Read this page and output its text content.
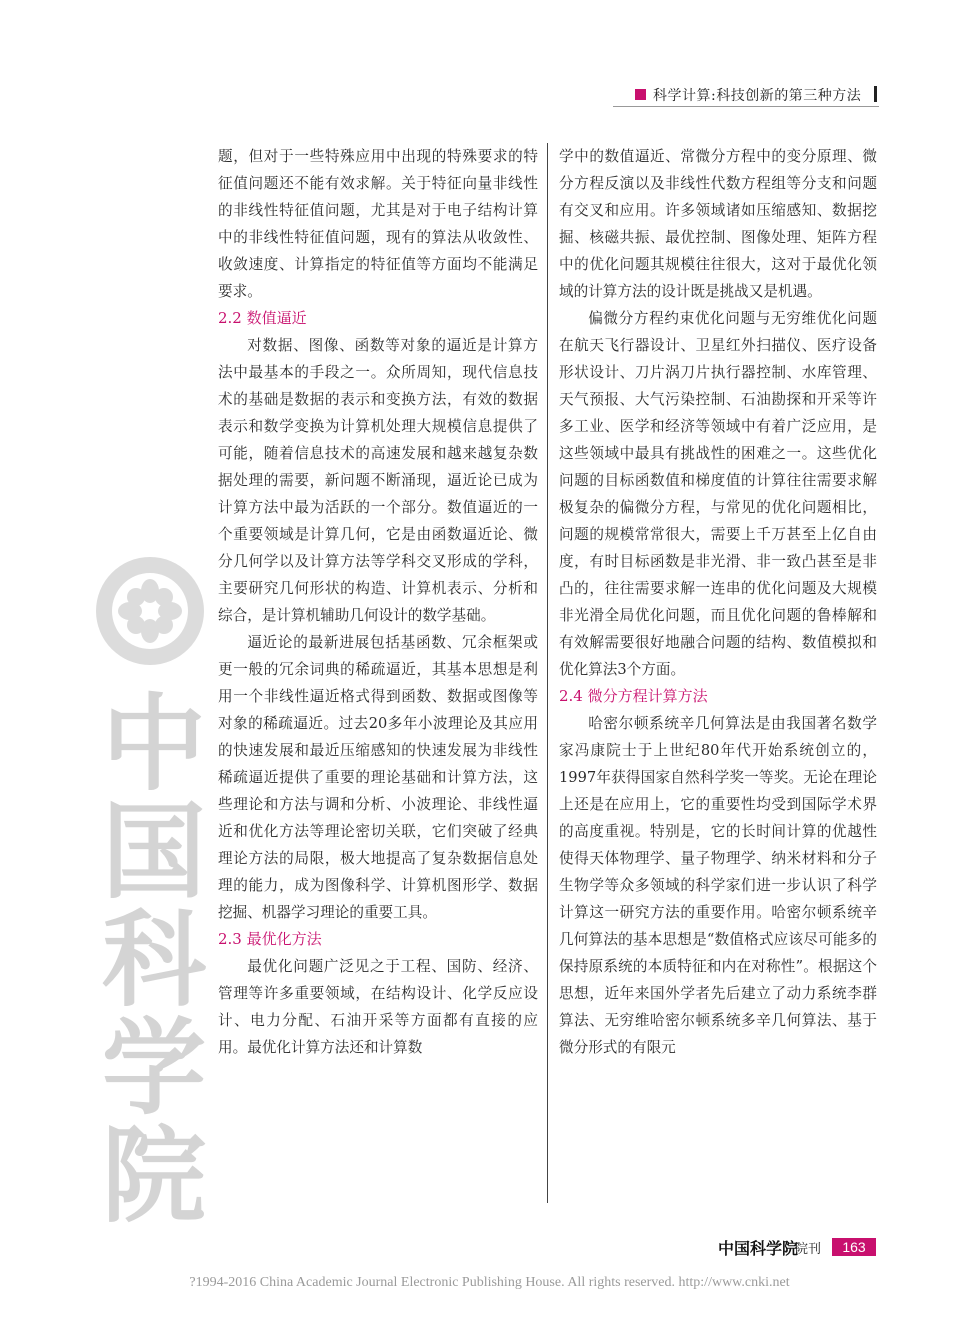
科学计算:科技创新的第三种方法
中
国
科
学
院

题，但对于一些特殊应用中出现的特殊要求的特征值问题还不能有效求解。关于特征向量非线性的非线性特征值问题，尤其是对于电子结构计算中的非线性特征值问题，现有的算法从收敛性、收敛速度、计算指定的特征值等方面均不能满足要求。

2.2 数值逼近

对数据、图像、函数等对象的逼近是计算方法中最基本的手段之一。众所周知，现代信息技术的基础是数据的表示和变换方法，有效的数据表示和数学变换为计算机处理大规模信息提供了可能，随着信息技术的高速发展和越来越复杂数据处理的需要，新问题不断涌现，逼近论已成为计算方法中最为活跃的一个部分。数值逼近的一个重要领域是计算几何，它是由函数逼近论、微分几何学以及计算方法等学科交叉形成的学科，主要研究几何形状的构造、计算机表示、分析和综合，是计算机辅助几何设计的数学基础。

逼近论的最新进展包括基函数、冗余框架或更一般的冗余词典的稀疏逼近，其基本思想是利用一个非线性逼近格式得到函数、数据或图像等对象的稀疏逼近。过去20多年小波理论及其应用的快速发展和最近压缩感知的快速发展为非线性稀疏逼近提供了重要的理论基础和计算方法，这些理论和方法与调和分析、小波理论、非线性逼近和优化方法等理论密切关联，它们突破了经典理论方法的局限，极大地提高了复杂数据信息处理的能力，成为图像科学、计算机图形学、数据挖掘、机器学习理论的重要工具。

2.3 最优化方法

最优化问题广泛见之于工程、国防、经济、管理等许多重要领域，在结构设计、化学反应设计、电力分配、石油开采等方面都有直接的应用。最优化计算方法还和计算数

学中的数值逼近、常微分方程中的变分原理、微分方程反演以及非线性代数方程组等分支和问题有交叉和应用。许多领域诸如压缩感知、数据挖掘、核磁共振、最优控制、图像处理、矩阵方程中的优化问题其规模往往很大，这对于最优化领域的计算方法的设计既是挑战又是机遇。

偏微分方程约束优化问题与无穷维优化问题在航天飞行器设计、卫星红外扫描仪、医疗设备形状设计、刀片涡刀片执行器控制、水库管理、天气预报、大气污染控制、石油勘探和开采等许多工业、医学和经济等领域中有着广泛应用，是这些领域中最具有挑战性的困难之一。这些优化问题的目标函数值和梯度值的计算往往需要求解极复杂的偏微分方程，与常见的优化问题相比，问题的规模常常很大，需要上千万甚至上亿自由度，有时目标函数是非光滑、非一致凸甚至是非凸的，往往需要求解一连串的优化问题及大规模非光滑全局优化问题，而且优化问题的鲁棒解和有效解需要很好地融合问题的结构、数值模拟和优化算法3个方面。

2.4 微分方程计算方法

哈密尔顿系统辛几何算法是由我国著名数学家冯康院士于上世纪80年代开始系统创立的，1997年获得国家自然科学奖一等奖。无论在理论上还是在应用上，它的重要性均受到国际学术界的高度重视。特别是，它的长时间计算的优越性使得天体物理学、量子物理学、纳米材料和分子生物学等众多领域的科学家们进一步认识了科学计算这一研究方法的重要作用。哈密尔顿系统辛几何算法的基本思想是“数值格式应该尽可能多的保持原系统的本质特征和内在对称性”。根据这个思想，近年来国外学者先后建立了动力系统李群算法、无穷维哈密尔顿系统多辛几何算法、基于微分形式的有限元

中国科学院
院刊	163
?1994-2016 China Academic Journal Electronic Publishing House. All rights reserved. http://www.cnki.net
